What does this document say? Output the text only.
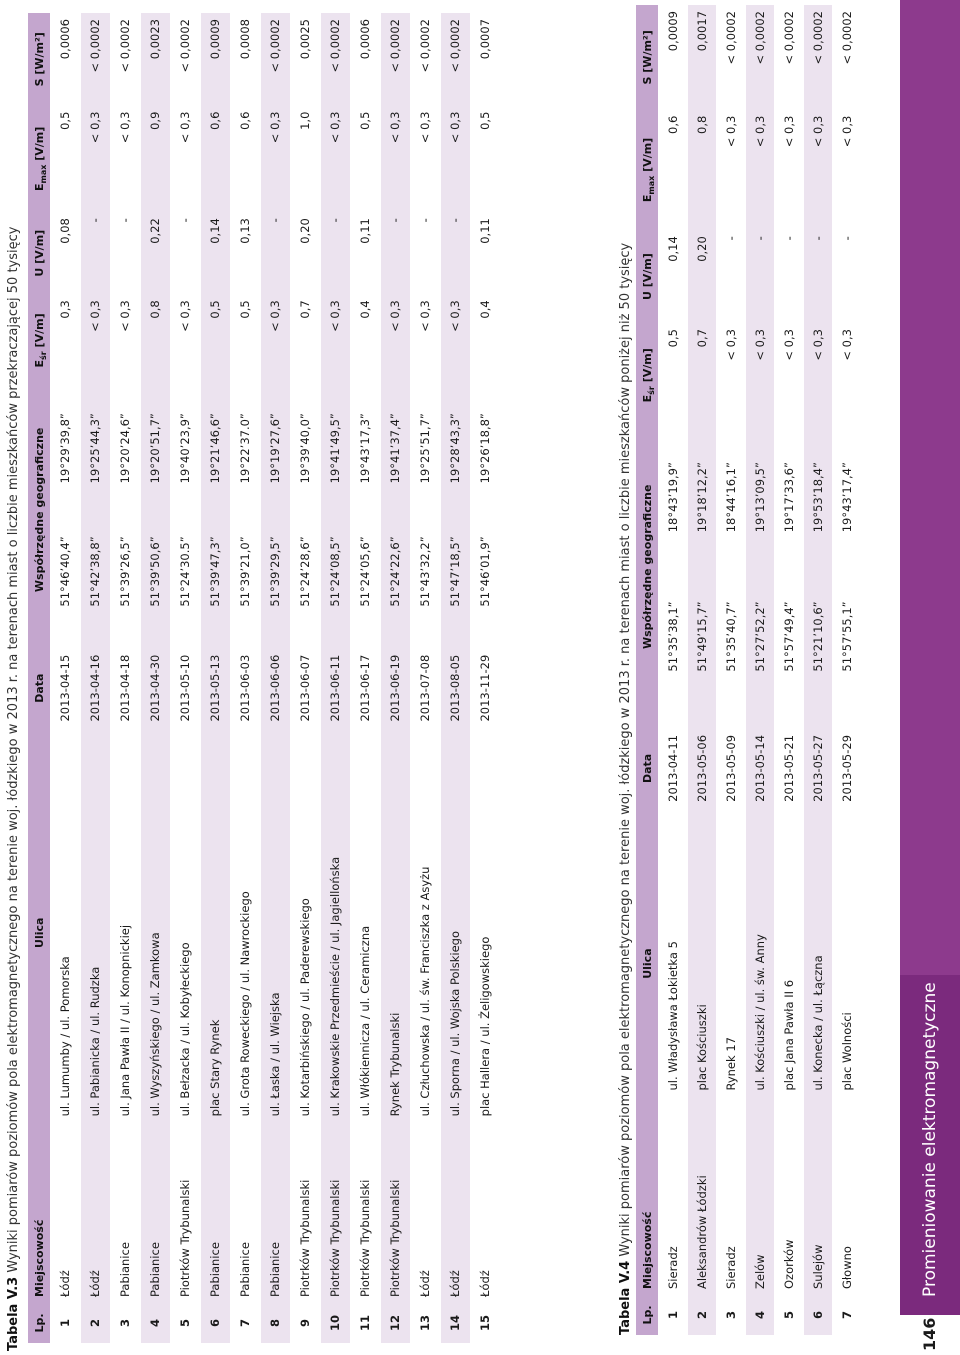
Tabela V.3 Wyniki pomiarów poziomów pola elektromagnetycznego na terenie woj. łódzkiego w 2013 r. na terenach miast o liczbie mieszkańców przekraczającej 50 tysięcy
Lp.	Miejscowość	Ulica	Data	Współrzędne geograficzne		$E_{śr}$ [V/m]	U [V/m]	$E_{max}$ [V/m]	S [W/m²]
1	Łódź	ul. Lumumby / ul. Pomorska	2013-04-15	51°46’40,4”	19°29’39,8”	0,3	0,08	0,5	0,0006
2	Łódź	ul. Pabianicka / ul. Rudzka	2013-04-16	51°42’38,8”	19°25’44,3”	< 0,3	-	< 0,3	< 0,0002
3	Pabianice	ul. Jana Pawła II / ul. Konopnickiej	2013-04-18	51°39’26,5”	19°20’24,6”	< 0,3	-	< 0,3	< 0,0002
4	Pabianice	ul. Wyszyńskiego / ul. Zamkowa	2013-04-30	51°39’50,6”	19°20’51,7”	0,8	0,22	0,9	0,0023
5	Piotrków Trybunalski	ul. Bełzacka / ul. Kobyłeckiego	2013-05-10	51°24’30.5”	19°40’23,9”	< 0,3	-	< 0,3	< 0,0002
6	Pabianice	plac Stary Rynek	2013-05-13	51°39’47,3”	19°21’46,6”	0,5	0,14	0,6	0,0009
7	Pabianice	ul. Grota Roweckiego / ul. Nawrockiego	2013-06-03	51°39’21,0”	19°22’37.0”	0,5	0,13	0,6	0,0008
8	Pabianice	ul. Łaska / ul. Wiejska	2013-06-06	51°39’29,5”	19°19’27,6”	< 0,3	-	< 0,3	< 0,0002
9	Piotrków Trybunalski	ul. Kotarbińskiego / ul. Paderewskiego	2013-06-07	51°24’28,6”	19°39’40,0”	0,7	0,20	1,0	0,0025
10	Piotrków Trybunalski	ul. Krakowskie Przedmieście / ul. Jagiellońska	2013-06-11	51°24’08,5”	19°41’49,5”	< 0,3	-	< 0,3	< 0,0002
11	Piotrków Trybunalski	ul. Włókiennicza / ul. Ceramiczna	2013-06-17	51°24’05,6”	19°43’17,3”	0,4	0,11	0,5	0,0006
12	Piotrków Trybunalski	Rynek Trybunalski	2013-06-19	51°24’22,6”	19°41’37,4”	< 0,3	-	< 0,3	< 0,0002
13	Łódź	ul. Człuchowska / ul. św. Franciszka z Asyżu	2013-07-08	51°43’32,2”	19°25’51,7”	< 0,3	-	< 0,3	< 0,0002
14	Łódź	ul. Sporna / ul. Wojska Polskiego	2013-08-05	51°47’18,5”	19°28’43,3”	< 0,3	-	< 0,3	< 0,0002
15	Łódź	plac Hallera / ul. Żeligowskiego	2013-11-29	51°46’01,9”	19°26’18,8”	0,4	0,11	0,5	0,0007
Tabela V.4 Wyniki pomiarów poziomów pola elektromagnetycznego na terenie woj. łódzkiego w 2013 r. na terenach miast o liczbie mieszkańców poniżej niż 50 tysięcy
Lp.	Miejscowość	Ulica	Data	Współrzędne geograficzne		$E_{śr}$ [V/m]	U [V/m]	$E_{max}$ [V/m]	S [W/m²]
1	Sieradz	ul. Władysława Łokietka 5	2013-04-11	51°35’38,1”	18°43’19,9”	0,5	0,14	0,6	0,0009
2	Aleksandrów Łódzki	plac Kościuszki	2013-05-06	51°49’15,7”	19°18’12,2”	0,7	0,20	0,8	0,0017
3	Sieradz	Rynek 17	2013-05-09	51°35’40,7”	18°44’16,1”	< 0,3	-	< 0,3	< 0,0002
4	Zelów	ul. Kościuszki / ul. św. Anny	2013-05-14	51°27’52,2”	19°13’09,5”	< 0,3	-	< 0,3	< 0,0002
5	Ozorków	plac Jana Pawła II 6	2013-05-21	51°57’49,4”	19°17’33,6”	< 0,3	-	< 0,3	< 0,0002
6	Sulejów	ul. Konecka / ul. Łączna	2013-05-27	51°21’10,6”	19°53’18,4”	< 0,3	-	< 0,3	< 0,0002
7	Głowno	plac Wolności	2013-05-29	51°57’55,1”	19°43’17,4”	< 0,3	-	< 0,3	< 0,0002
146
Promieniowanie elektromagnetyczne
